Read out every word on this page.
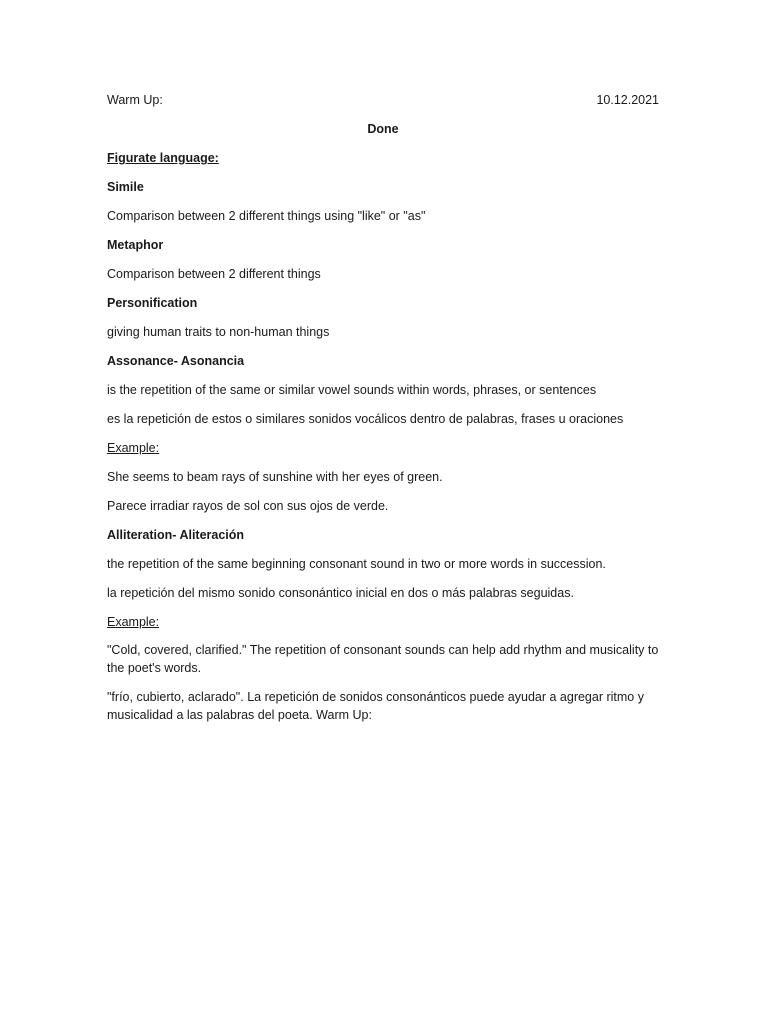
Warm Up:	10.12.2021
Done
Figurate language:
Simile
Comparison between 2 different things using "like" or "as"
Metaphor
Comparison between 2 different things
Personification
giving human traits to non-human things
Assonance- Asonancia
is the repetition of the same or similar vowel sounds within words, phrases, or sentences
es la repetición de estos o similares sonidos vocálicos dentro de palabras, frases u oraciones
Example:
She seems to beam rays of sunshine with her eyes of green.
Parece irradiar rayos de sol con sus ojos de verde.
Alliteration- Aliteración
the repetition of the same beginning consonant sound in two or more words in succession.
la repetición del mismo sonido consonántico inicial en dos o más palabras seguidas.
Example:
"Cold, covered, clarified." The repetition of consonant sounds can help add rhythm and musicality to the poet's words.
"frío, cubierto, aclarado". La repetición de sonidos consonánticos puede ayudar a agregar ritmo y musicalidad a las palabras del poeta. Warm Up:
